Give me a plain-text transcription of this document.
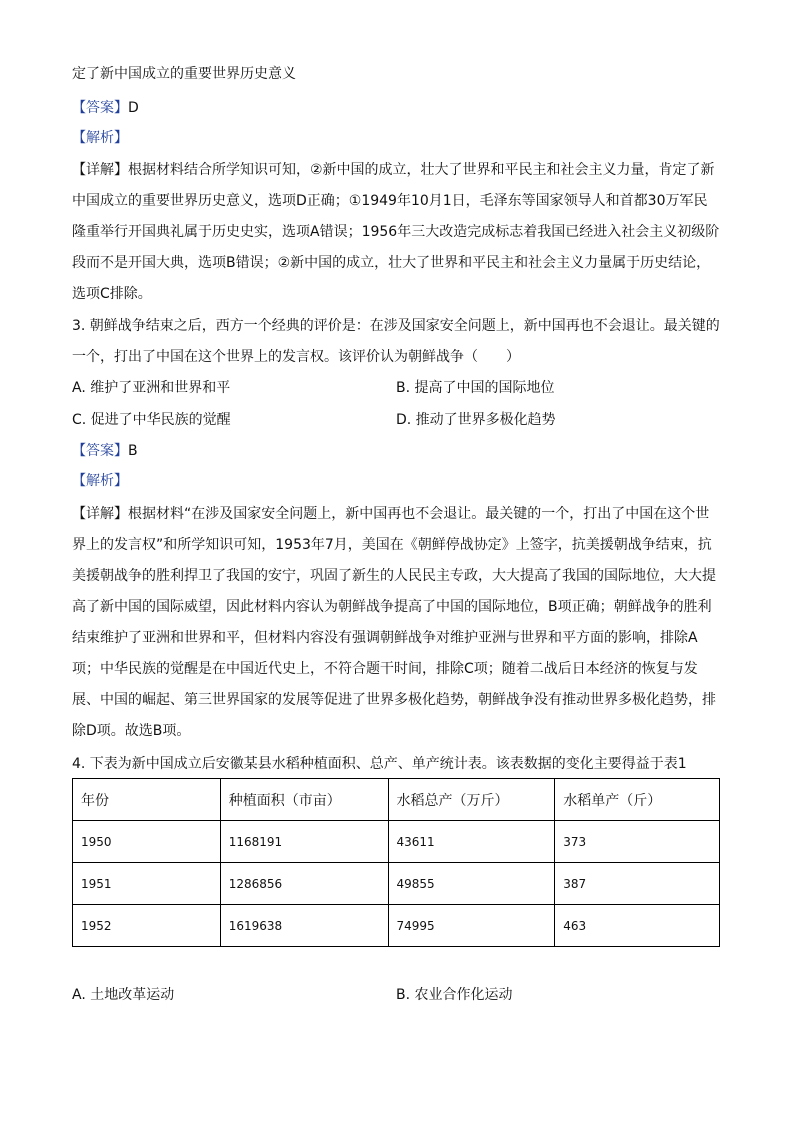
定了新中国成立的重要世界历史意义
【答案】D
【解析】
【详解】根据材料结合所学知识可知，②新中国的成立，壮大了世界和平民主和社会主义力量，肯定了新
中国成立的重要世界历史意义，选项D正确；①1949年10月1日，毛泽东等国家领导人和首都30万军民
隆重举行开国典礼属于历史史实，选项A错误；1956年三大改造完成标志着我国已经进入社会主义初级阶
段而不是开国大典，选项B错误；②新中国的成立，壮大了世界和平民主和社会主义力量属于历史结论，
选项C排除。
3. 朝鲜战争结束之后，西方一个经典的评价是：在涉及国家安全问题上，新中国再也不会退让。最关键的
一个，打出了中国在这个世界上的发言权。该评价认为朝鲜战争（　　）
A. 维护了亚洲和世界和平	B. 提高了中国的国际地位
C. 促进了中华民族的觉醒	D. 推动了世界多极化趋势
【答案】B
【解析】
【详解】根据材料“在涉及国家安全问题上，新中国再也不会退让。最关键的一个，打出了中国在这个世
界上的发言权”和所学知识可知，1953年7月，美国在《朝鲜停战协定》上签字，抗美援朝战争结束，抗
美援朝战争的胜利捍卫了我国的安宁，巩固了新生的人民民主专政，大大提高了我国的国际地位，大大提
高了新中国的国际威望，因此材料内容认为朝鲜战争提高了中国的国际地位，B项正确；朝鲜战争的胜利
结束维护了亚洲和世界和平，但材料内容没有强调朝鲜战争对维护亚洲与世界和平方面的影响，排除A
项；中华民族的觉醒是在中国近代史上，不符合题干时间，排除C项；随着二战后日本经济的恢复与发
展、中国的崛起、第三世界国家的发展等促进了世界多极化趋势，朝鲜战争没有推动世界多极化趋势，排
除D项。故选B项。
4. 下表为新中国成立后安徽某县水稻种植面积、总产、单产统计表。该表数据的变化主要得益于表1
年份	种植面积（市亩）	水稻总产（万斤）	水稻单产（斤）
1950	1168191	43611	373
1951	1286856	49855	387
1952	1619638	74995	463
A. 土地改革运动	B. 农业合作化运动
